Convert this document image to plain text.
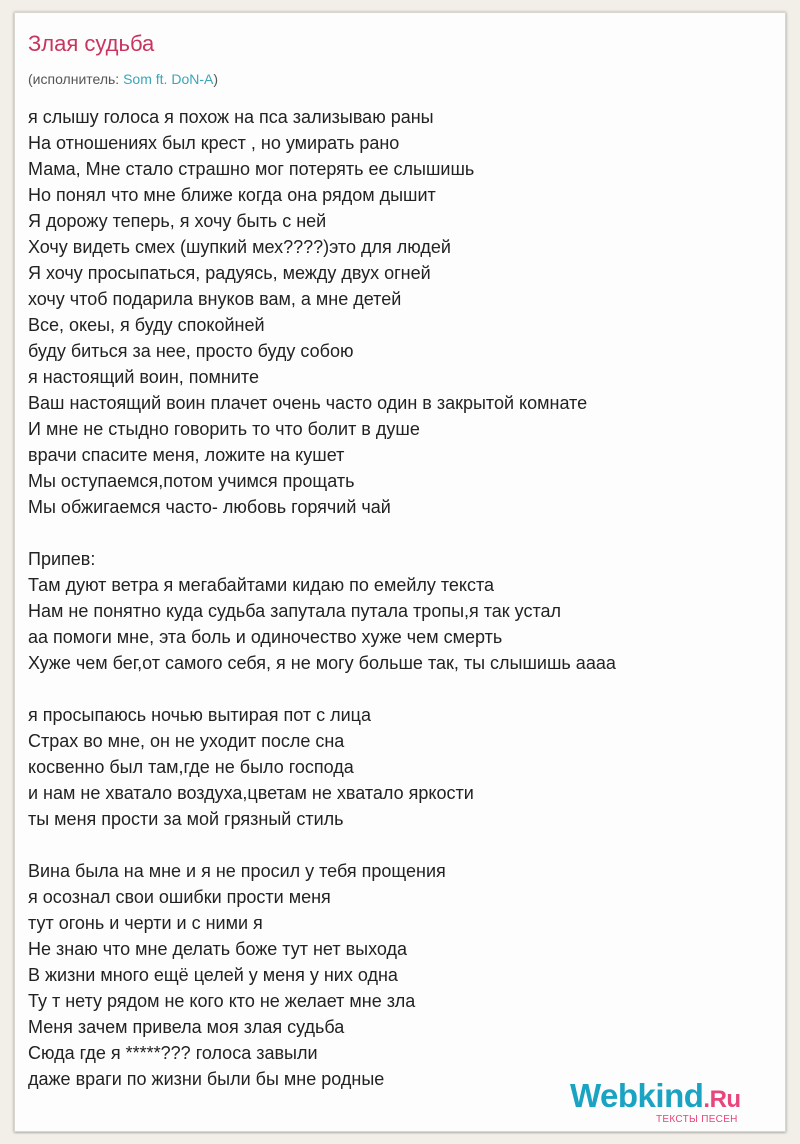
Злая судьба
(исполнитель: Som ft. DoN-A)
я слышу голоса я похож на пса зализываю раны
На отношениях был крест , но умирать рано
Мама, Мне стало страшно мог потерять ее слышишь
Но понял что мне ближе когда она рядом дышит
Я дорожу теперь, я хочу быть с ней
Хочу видеть смех (шупкий мех????)это для людей
Я хочу просыпаться, радуясь, между двух огней
хочу чтоб подарила внуков вам, а мне детей
Все, океы, я буду спокойней
буду биться за нее, просто буду собою
я настоящий воин, помните
Ваш настоящий воин плачет очень часто один в закрытой комнате
И мне не стыдно говорить то что болит в душе
врачи спасите меня, ложите на кушет
Мы оступаемся,потом учимся прощать
Мы обжигаемся часто- любовь горячий чай
Припев:
Там дуют ветра я мегабайтами кидаю по емейлу текста
Нам не понятно куда судьба запутала путала тропы,я так устал
аа помоги мне, эта боль и одиночество хуже чем смерть
Хуже чем бег,от самого себя, я не могу больше так, ты слышишь аааа
я просыпаюсь ночью вытирая пот с лица
Страх во мне, он не уходит после сна
косвенно был там,где не было господа
и нам не хватало воздуха,цветам не хватало яркости
ты меня прости за мой грязный стиль
Вина была на мне и я не просил у тебя прощения
я осознал свои ошибки прости меня
тут огонь и черти и с ними я
Не знаю что мне делать боже тут нет выхода
В жизни много ещё целей у меня у них одна
Ту т нету рядом не кого кто не желает мне зла
Меня зачем привела моя злая судьба
Сюда где я *****??? голоса завыли
даже враги по жизни были бы мне родные	Webkind.Ru
ТЕКСТЫ ПЕСЕН
